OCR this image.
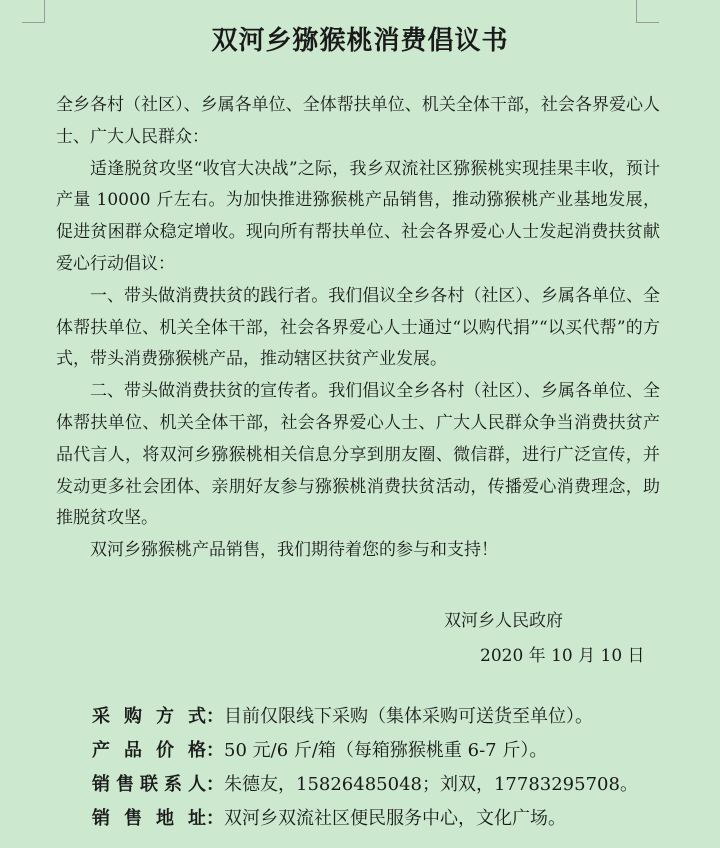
双河乡猕猴桃消费倡议书

全乡各村（社区）、乡属各单位、全体帮扶单位、机关全体干部，社会各界爱心人士、广大人民群众：

适逢脱贫攻坚“收官大决战”之际，我乡双流社区猕猴桃实现挂果丰收，预计产量 10000 斤左右。为加快推进猕猴桃产品销售，推动猕猴桃产业基地发展，促进贫困群众稳定增收。现向所有帮扶单位、社会各界爱心人士发起消费扶贫献爱心行动倡议：

一、带头做消费扶贫的践行者。我们倡议全乡各村（社区）、乡属各单位、全体帮扶单位、机关全体干部，社会各界爱心人士通过“以购代捐”“以买代帮”的方式，带头消费猕猴桃产品，推动辖区扶贫产业发展。

二、带头做消费扶贫的宣传者。我们倡议全乡各村（社区）、乡属各单位、全体帮扶单位、机关全体干部，社会各界爱心人士、广大人民群众争当消费扶贫产品代言人，将双河乡猕猴桃相关信息分享到朋友圈、微信群，进行广泛宣传，并发动更多社会团体、亲朋好友参与猕猴桃消费扶贫活动，传播爱心消费理念，助推脱贫攻坚。

双河乡猕猴桃产品销售，我们期待着您的参与和支持！

双河乡人民政府
2020 年 10 月 10 日
采购方式：目前仅限线下采购（集体采购可送货至单位）。
产品价格：50 元/6 斤/箱（每箱猕猴桃重 6-7 斤）。
销售联系人：朱德友，15826485048；刘双，17783295708。
销售地址：双河乡双流社区便民服务中心，文化广场。
